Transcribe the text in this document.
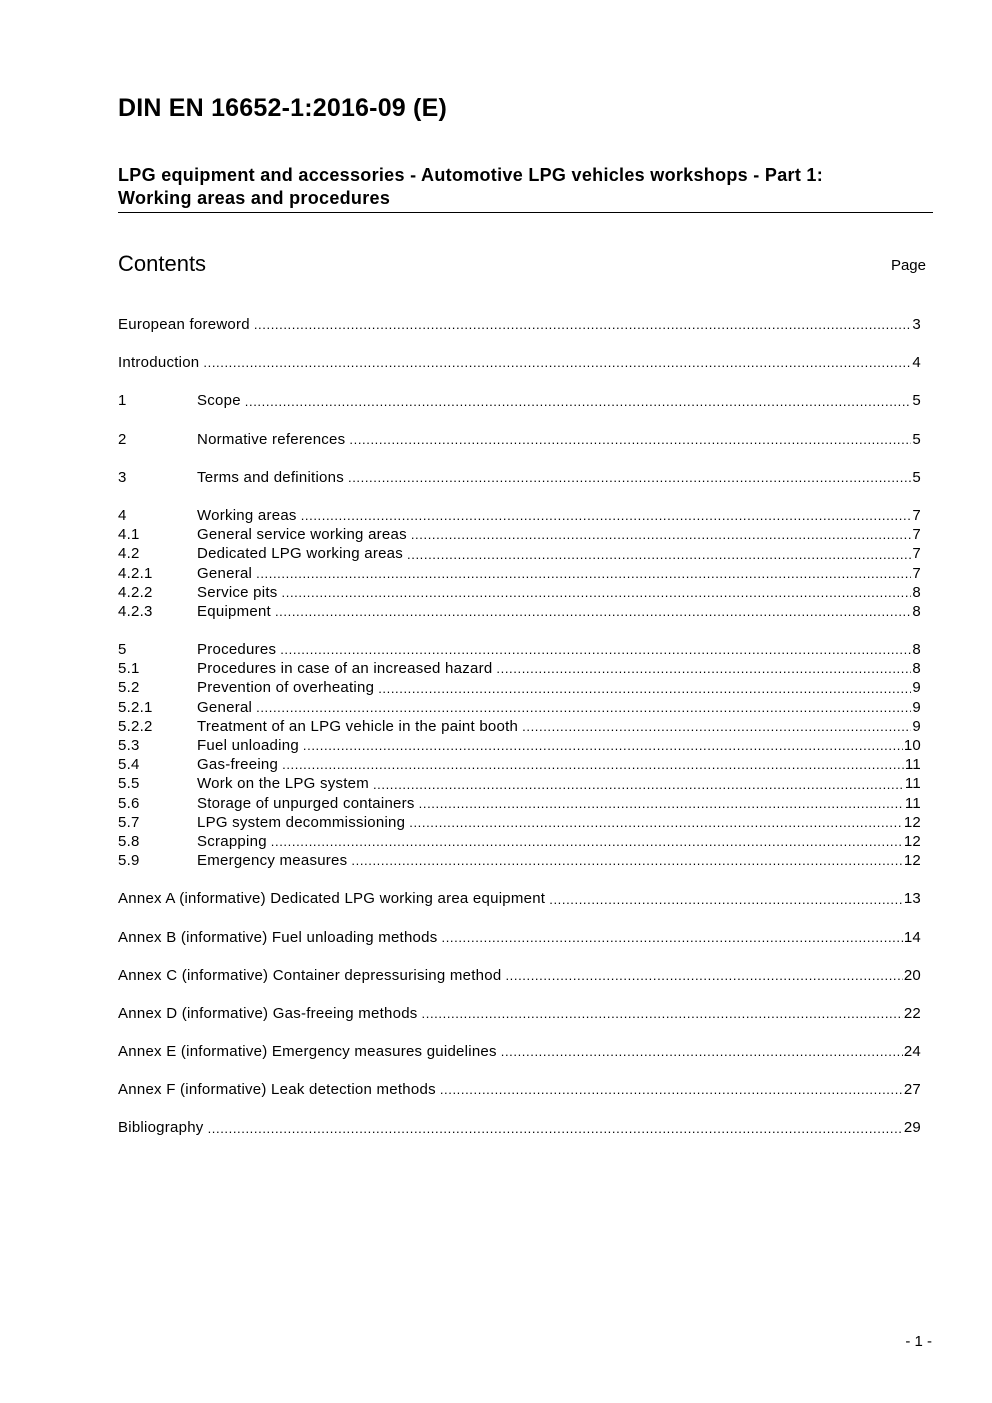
DIN EN 16652-1:2016-09 (E)
LPG equipment and accessories - Automotive LPG vehicles workshops - Part 1:
Working areas and procedures
Contents	Page
European foreword .....	3
Introduction .....	4
1	Scope .....	5
2	Normative references .....	5
3	Terms and definitions .....	5
4	Working areas .....	7
4.1	General service working areas .....	7
4.2	Dedicated LPG working areas .....	7
4.2.1	General .....	7
4.2.2	Service pits .....	8
4.2.3	Equipment .....	8
5	Procedures .....	8
5.1	Procedures in case of an increased hazard .....	8
5.2	Prevention of overheating .....	9
5.2.1	General .....	9
5.2.2	Treatment of an LPG vehicle in the paint booth .....	9
5.3	Fuel unloading .....	10
5.4	Gas-freeing .....	11
5.5	Work on the LPG system .....	11
5.6	Storage of unpurged containers .....	11
5.7	LPG system decommissioning .....	12
5.8	Scrapping .....	12
5.9	Emergency measures .....	12
Annex A (informative) Dedicated LPG working area equipment .....	13
Annex B (informative) Fuel unloading methods .....	14
Annex C (informative) Container depressurising method .....	20
Annex D (informative) Gas-freeing methods .....	22
Annex E (informative) Emergency measures guidelines .....	24
Annex F (informative) Leak detection methods .....	27
Bibliography .....	29
- 1 -
